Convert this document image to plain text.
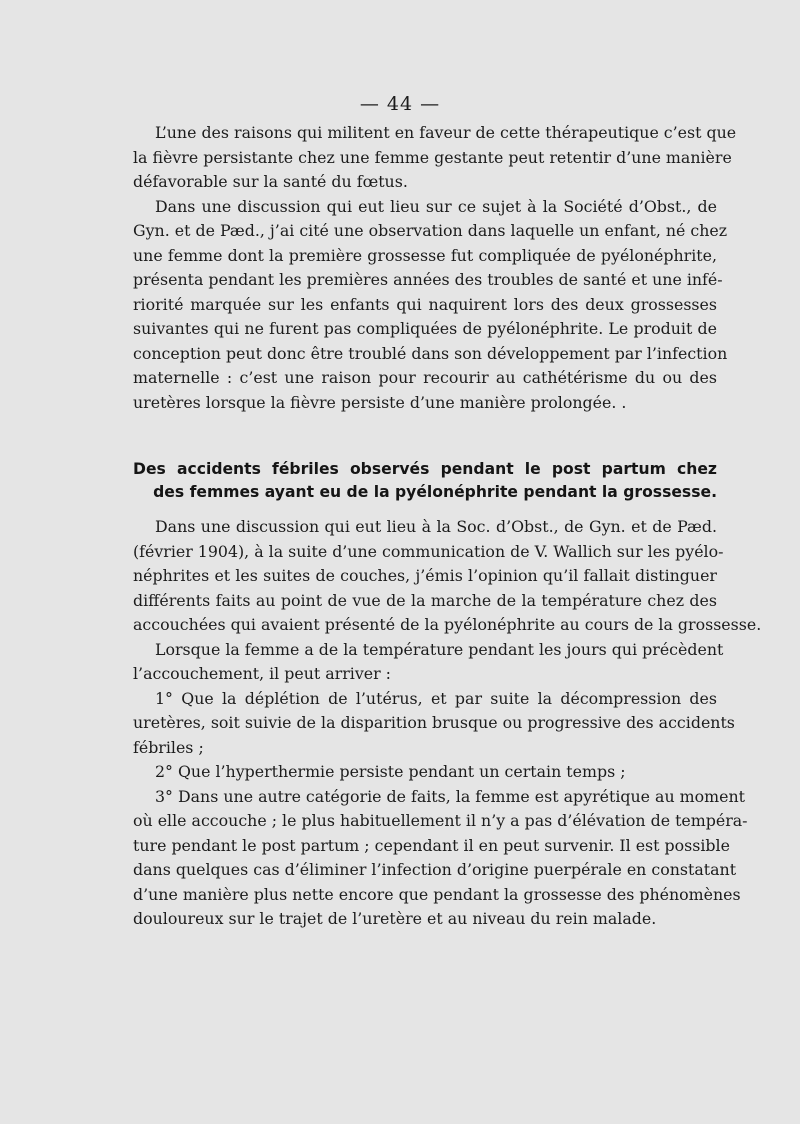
— 44 —
L’une des raisons qui militent en faveur de cette thérapeutique c’est que
la fièvre persistante chez une femme gestante peut retentir d’une manière
défavorable sur la santé du fœtus.
Dans une discussion qui eut lieu sur ce sujet à la Société d’Obst., de
Gyn. et de Pæd., j’ai cité une observation dans laquelle un enfant, né chez
une femme dont la première grossesse fut compliquée de pyélonéphrite,
présenta pendant les premières années des troubles de santé et une infé-
riorité marquée sur les enfants qui naquirent lors des deux grossesses
suivantes qui ne furent pas compliquées de pyélonéphrite. Le produit de
conception peut donc être troublé dans son développement par l’infection
maternelle : c’est une raison pour recourir au cathétérisme du ou des
uretères lorsque la fièvre persiste d’une manière prolongée. .
Des accidents fébriles observés pendant le post partum chez
des femmes ayant eu de la pyélonéphrite pendant la grossesse.
Dans une discussion qui eut lieu à la Soc. d’Obst., de Gyn. et de Pæd.
(février 1904), à la suite d’une communication de V. Wallich sur les pyélo-
néphrites et les suites de couches, j’émis l’opinion qu’il fallait distinguer
différents faits au point de vue de la marche de la température chez des
accouchées qui avaient présenté de la pyélonéphrite au cours de la grossesse.
Lorsque la femme a de la température pendant les jours qui précèdent
l’accouchement, il peut arriver :
1° Que la déplétion de l’utérus, et par suite la décompression des
uretères, soit suivie de la disparition brusque ou progressive des accidents
fébriles ;
2° Que l’hyperthermie persiste pendant un certain temps ;
3° Dans une autre catégorie de faits, la femme est apyrétique au moment
où elle accouche ; le plus habituellement il n’y a pas d’élévation de tempéra-
ture pendant le post partum ; cependant il en peut survenir. Il est possible
dans quelques cas d’éliminer l’infection d’origine puerpérale en constatant
d’une manière plus nette encore que pendant la grossesse des phénomènes
douloureux sur le trajet de l’uretère et au niveau du rein malade.
